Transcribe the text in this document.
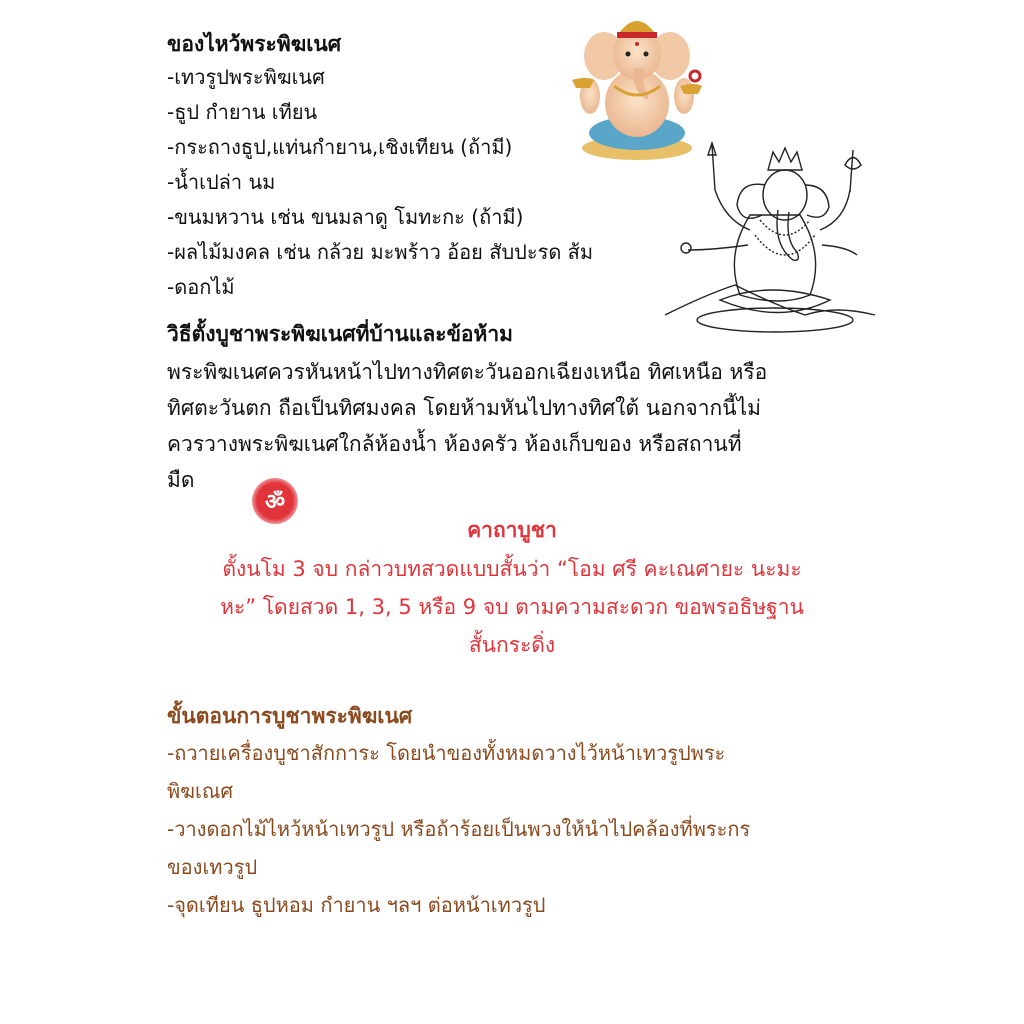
ของไหว้พระพิฆเนศ
-เทวรูปพระพิฆเนศ
-ธูป กำยาน เทียน
-กระถางธูป,แท่นกำยาน,เชิงเทียน (ถ้ามี)
-น้ำเปล่า นม
-ขนมหวาน เช่น ขนมลาดู โมทะกะ (ถ้ามี)
-ผลไม้มงคล เช่น กล้วย มะพร้าว อ้อย สับปะรด ส้ม
-ดอกไม้
วิธีตั้งบูชาพระพิฆเนศที่บ้านและข้อห้าม
พระพิฆเนศควรหันหน้าไปทางทิศตะวันออกเฉียงเหนือ ทิศเหนือ หรือ
ทิศตะวันตก ถือเป็นทิศมงคล โดยห้ามหันไปทางทิศใต้ นอกจากนี้ไม่
ควรวางพระพิฆเนศใกล้ห้องน้ำ ห้องครัว ห้องเก็บของ หรือสถานที่
มืด
ॐ
คาถาบูชา
ตั้งนโม 3 จบ กล่าวบทสวดแบบสั้นว่า “โอม ศรี คะเณศายะ นะมะ
หะ” โดยสวด 1, 3, 5 หรือ 9 จบ ตามความสะดวก ขอพรอธิษฐาน
สั้นกระดิ่ง
ขั้นตอนการบูชาพระพิฆเนศ
-ถวายเครื่องบูชาสักการะ โดยนำของทั้งหมดวางไว้หน้าเทวรูปพระ
พิฆเณศ
-วางดอกไม้ไหว้หน้าเทวรูป หรือถ้าร้อยเป็นพวงให้นำไปคล้องที่พระกร
ของเทวรูป
-จุดเทียน ธูปหอม กำยาน ฯลฯ ต่อหน้าเทวรูป
